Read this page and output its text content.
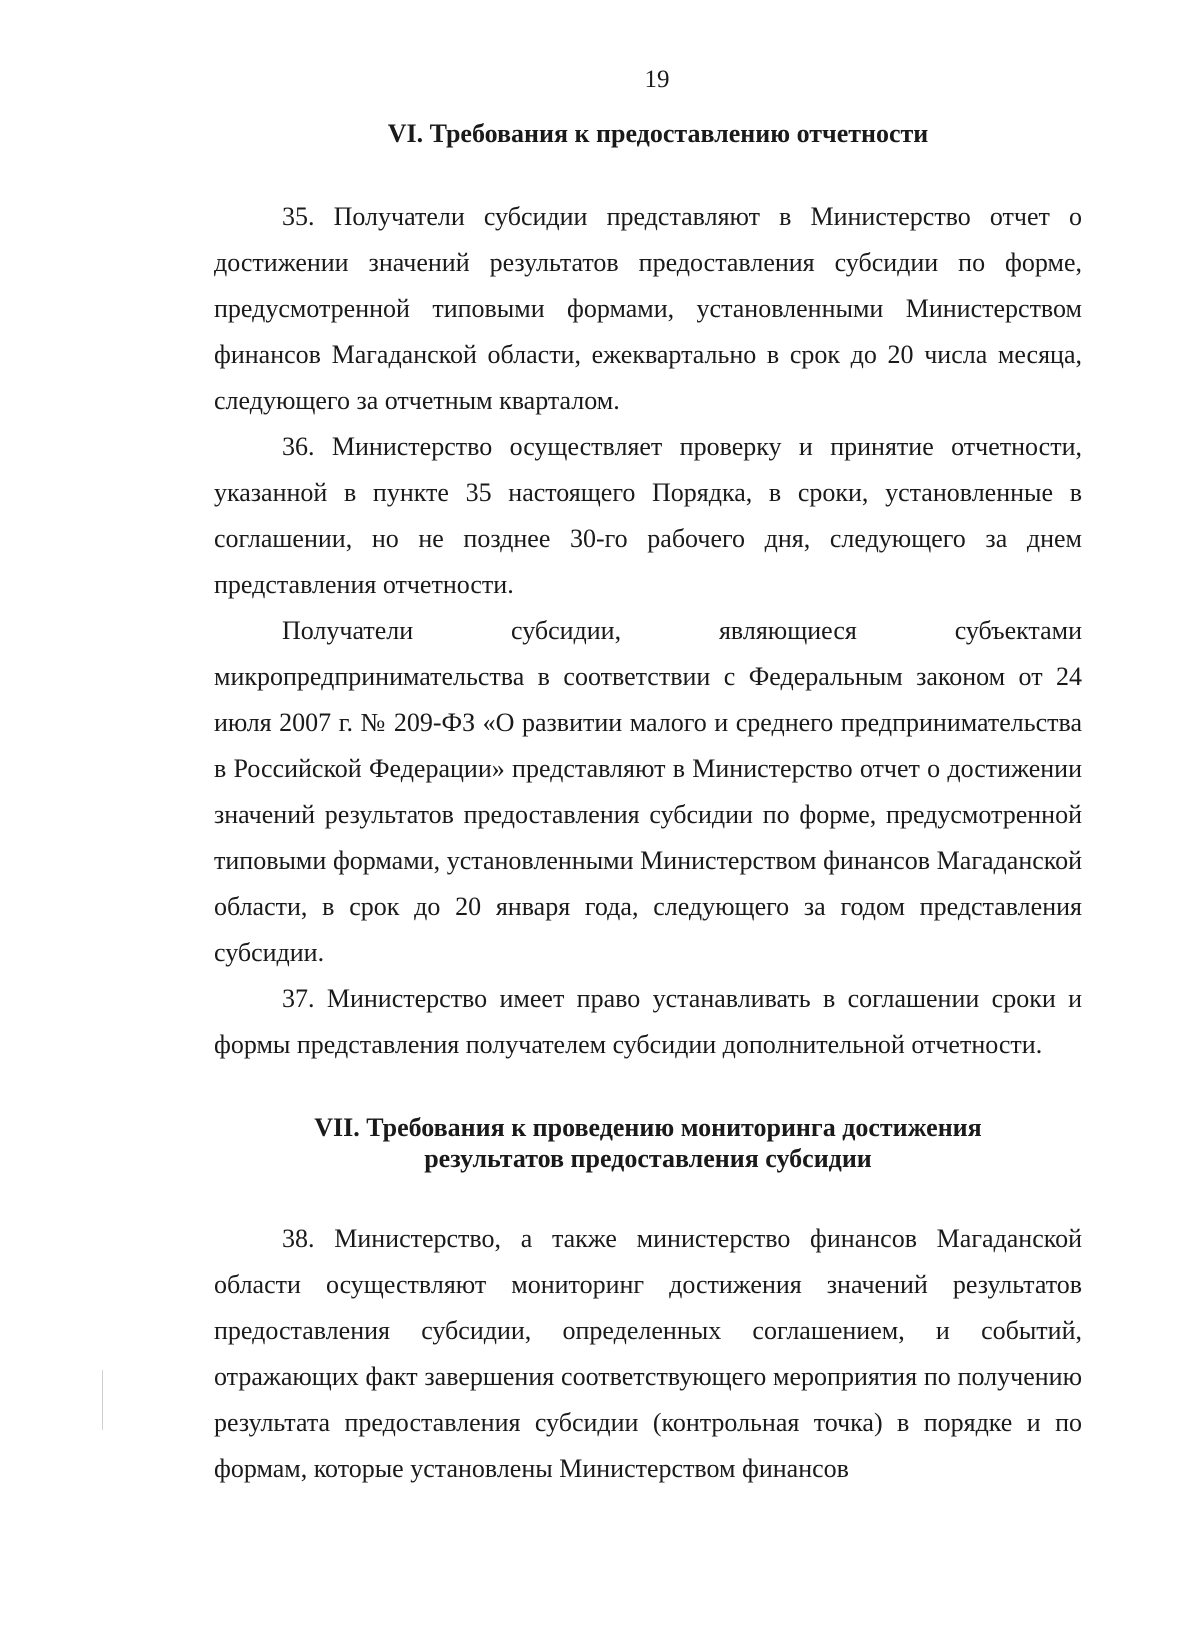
19
VI. Требования к предоставлению отчетности

35. Получатели субсидии представляют в Министерство отчет о достижении значений результатов предоставления субсидии по форме, предусмотренной типовыми формами, установленными Министерством финансов Магаданской области, ежеквартально в срок до 20 числа месяца, следующего за отчетным кварталом.

36. Министерство осуществляет проверку и принятие отчетности, указанной в пункте 35 настоящего Порядка, в сроки, установленные в соглашении, но не позднее 30-го рабочего дня, следующего за днем представления отчетности.

Получатели субсидии, являющиеся субъектами микропредпринимательства в соответствии с Федеральным законом от 24 июля 2007 г. № 209-ФЗ «О развитии малого и среднего предпринимательства в Российской Федерации» представляют в Министерство отчет о достижении значений результатов предоставления субсидии по форме, предусмотренной типовыми формами, установленными Министерством финансов Магаданской области, в срок до 20 января года, следующего за годом представления субсидии.

37. Министерство имеет право устанавливать в соглашении сроки и формы представления получателем субсидии дополнительной отчетности.

VII. Требования к проведению мониторинга достижения
результатов предоставления субсидии

38. Министерство, а также министерство финансов Магаданской области осуществляют мониторинг достижения значений результатов предоставления субсидии, определенных соглашением, и событий, отражающих факт завершения соответствующего мероприятия по получению результата предоставления субсидии (контрольная точка) в порядке и по формам, которые установлены Министерством финансов
